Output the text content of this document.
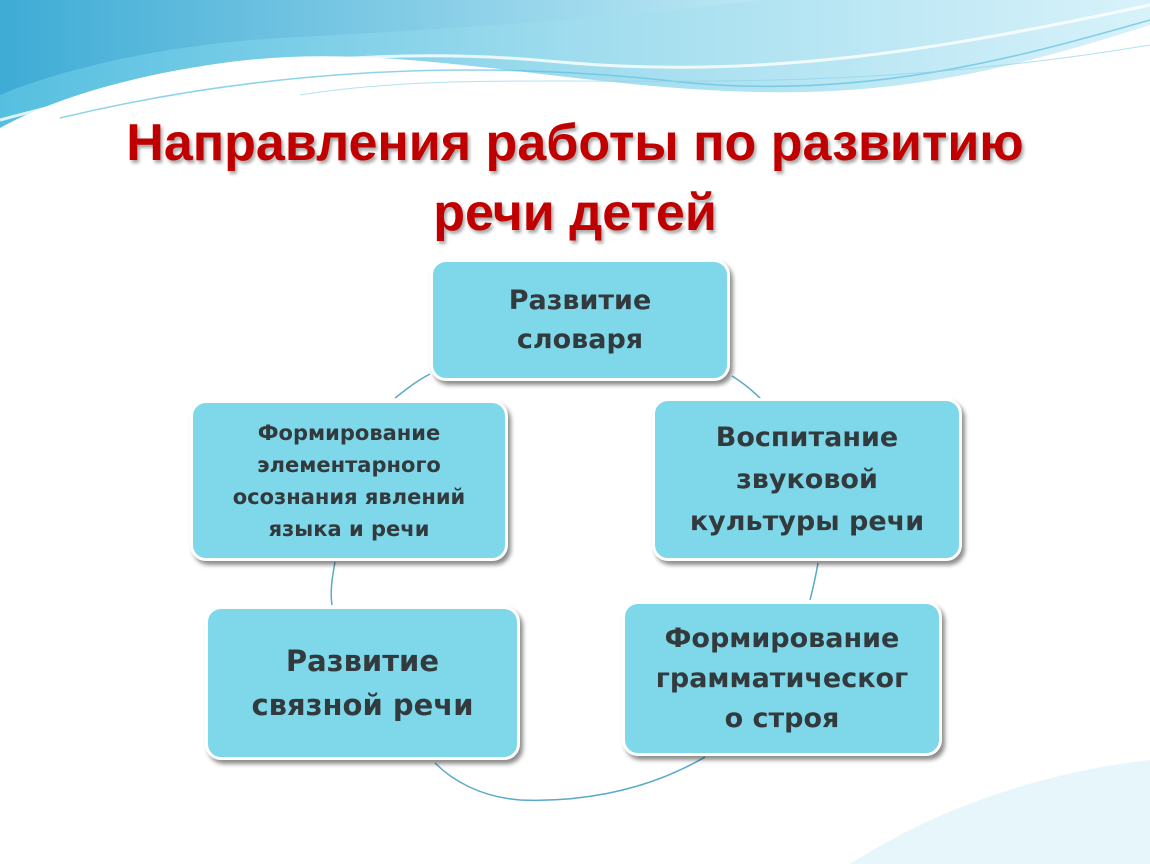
Направления работы по развитию
речи детей
Развитие
словаря
Воспитание
звуковой
культуры речи
Формирование
грамматическог
о строя
Развитие
связной речи
Формирование
элементарного
осознания явлений
языка и речи
